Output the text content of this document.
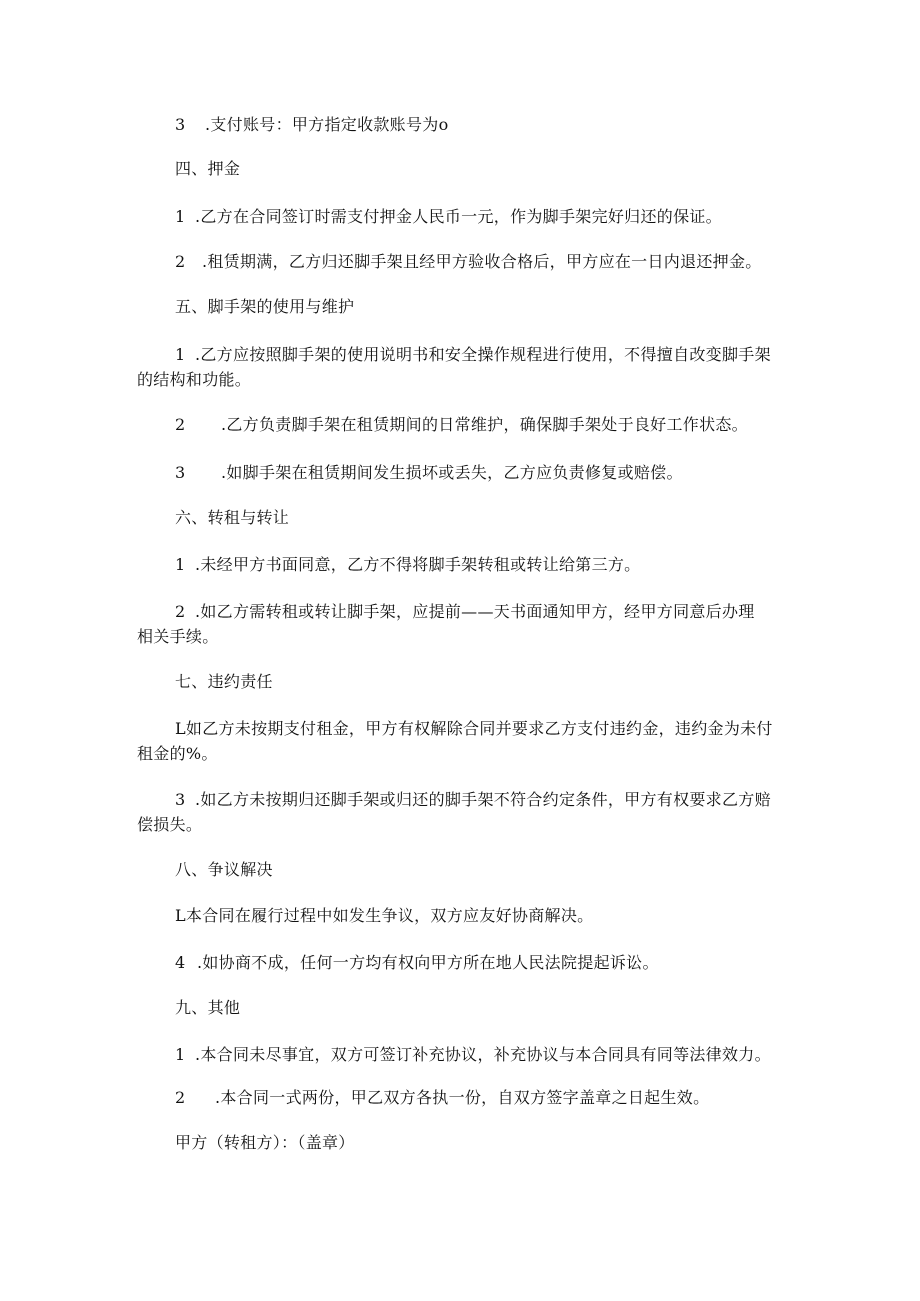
3 .支付账号：甲方指定收款账号为o
四、押金
1 .乙方在合同签订时需支付押金人民币一元，作为脚手架完好归还的保证。
2 .租赁期满，乙方归还脚手架且经甲方验收合格后，甲方应在一日内退还押金。
五、脚手架的使用与维护
1 .乙方应按照脚手架的使用说明书和安全操作规程进行使用，不得擅自改变脚手架
的结构和功能。
2 .乙方负责脚手架在租赁期间的日常维护，确保脚手架处于良好工作状态。
3 .如脚手架在租赁期间发生损坏或丢失，乙方应负责修复或赔偿。
六、转租与转让
1 .未经甲方书面同意，乙方不得将脚手架转租或转让给第三方。
2 .如乙方需转租或转让脚手架，应提前——天书面通知甲方，经甲方同意后办理
相关手续。
七、违约责任
L如乙方未按期支付租金，甲方有权解除合同并要求乙方支付违约金，违约金为未付
租金的%。
3 .如乙方未按期归还脚手架或归还的脚手架不符合约定条件，甲方有权要求乙方赔
偿损失。
八、争议解决
L本合同在履行过程中如发生争议，双方应友好协商解决。
4 .如协商不成，任何一方均有权向甲方所在地人民法院提起诉讼。
九、其他
1 .本合同未尽事宜，双方可签订补充协议，补充协议与本合同具有同等法律效力。
2 .本合同一式两份，甲乙双方各执一份，自双方签字盖章之日起生效。
甲方（转租方）：（盖章）
